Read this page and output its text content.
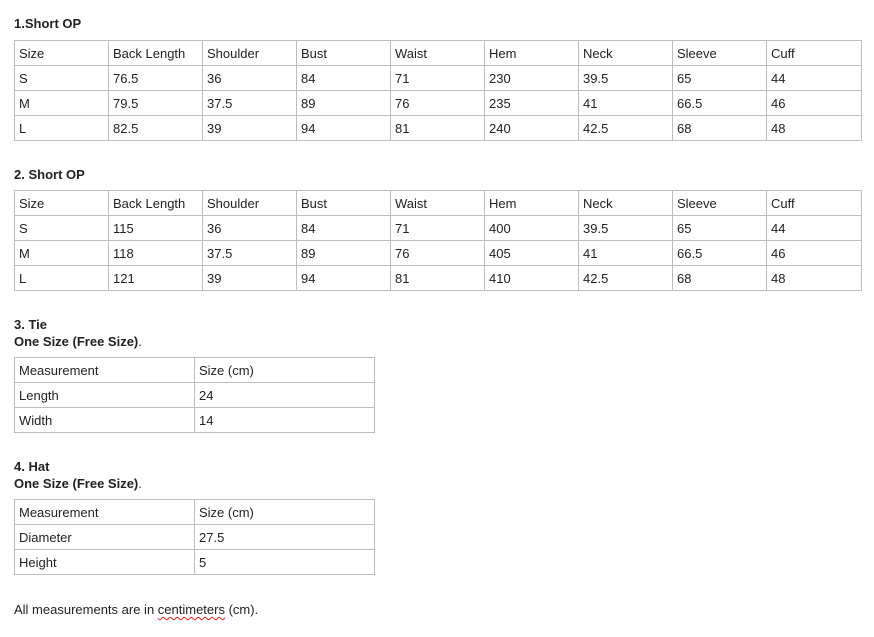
1.Short OP
Size	Back Length	Shoulder	Bust	Waist	Hem	Neck	Sleeve	Cuff
S	76.5	36	84	71	230	39.5	65	44
M	79.5	37.5	89	76	235	41	66.5	46
L	82.5	39	94	81	240	42.5	68	48
2. Short OP
Size	Back Length	Shoulder	Bust	Waist	Hem	Neck	Sleeve	Cuff
S	115	36	84	71	400	39.5	65	44
M	118	37.5	89	76	405	41	66.5	46
L	121	39	94	81	410	42.5	68	48
3. Tie
One Size (Free Size).
Measurement	Size (cm)
Length	24
Width	14
4. Hat
One Size (Free Size).
Measurement	Size (cm)
Diameter	27.5
Height	5
All measurements are in centimeters (cm).
